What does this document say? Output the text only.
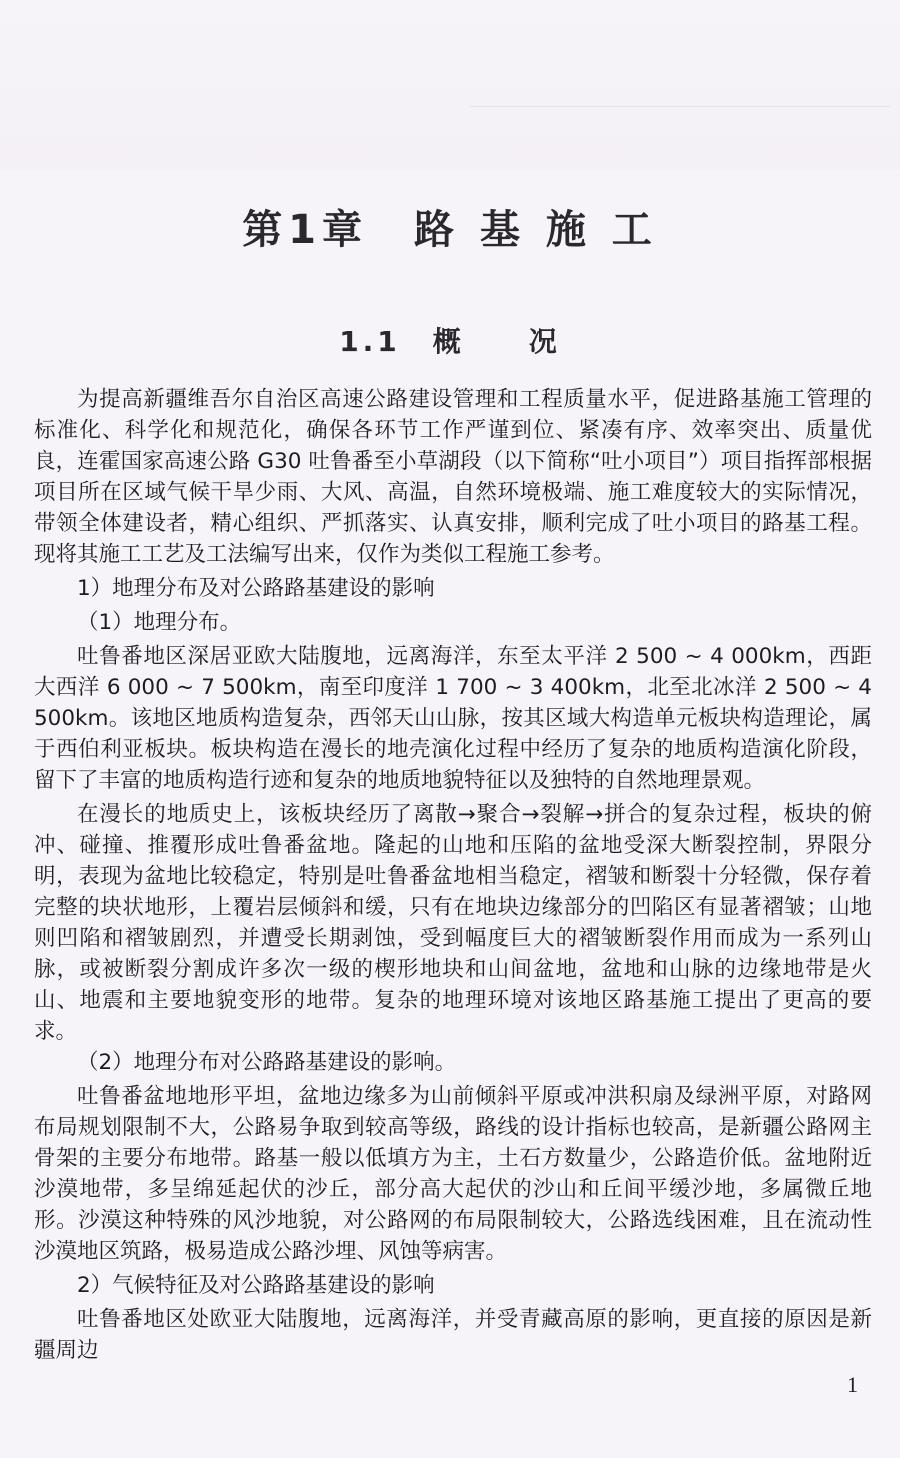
第1章　路 基 施 工
1.1　概　　况

为提高新疆维吾尔自治区高速公路建设管理和工程质量水平，促进路基施工管理的标准化、科学化和规范化，确保各环节工作严谨到位、紧凑有序、效率突出、质量优良，连霍国家高速公路 G30 吐鲁番至小草湖段（以下简称“吐小项目”）项目指挥部根据项目所在区域气候干旱少雨、大风、高温，自然环境极端、施工难度较大的实际情况，带领全体建设者，精心组织、严抓落实、认真安排，顺利完成了吐小项目的路基工程。现将其施工工艺及工法编写出来，仅作为类似工程施工参考。

1）地理分布及对公路路基建设的影响

（1）地理分布。

吐鲁番地区深居亚欧大陆腹地，远离海洋，东至太平洋 2 500 ~ 4 000km，西距大西洋 6 000 ~ 7 500km，南至印度洋 1 700 ~ 3 400km，北至北冰洋 2 500 ~ 4 500km。该地区地质构造复杂，西邻天山山脉，按其区域大构造单元板块构造理论，属于西伯利亚板块。板块构造在漫长的地壳演化过程中经历了复杂的地质构造演化阶段，留下了丰富的地质构造行迹和复杂的地质地貌特征以及独特的自然地理景观。

在漫长的地质史上，该板块经历了离散→聚合→裂解→拼合的复杂过程，板块的俯冲、碰撞、推覆形成吐鲁番盆地。隆起的山地和压陷的盆地受深大断裂控制，界限分明，表现为盆地比较稳定，特别是吐鲁番盆地相当稳定，褶皱和断裂十分轻微，保存着完整的块状地形，上覆岩层倾斜和缓，只有在地块边缘部分的凹陷区有显著褶皱；山地则凹陷和褶皱剧烈，并遭受长期剥蚀，受到幅度巨大的褶皱断裂作用而成为一系列山脉，或被断裂分割成许多次一级的楔形地块和山间盆地，盆地和山脉的边缘地带是火山、地震和主要地貌变形的地带。复杂的地理环境对该地区路基施工提出了更高的要求。

（2）地理分布对公路路基建设的影响。

吐鲁番盆地地形平坦，盆地边缘多为山前倾斜平原或冲洪积扇及绿洲平原，对路网布局规划限制不大，公路易争取到较高等级，路线的设计指标也较高，是新疆公路网主骨架的主要分布地带。路基一般以低填方为主，土石方数量少，公路造价低。盆地附近沙漠地带，多呈绵延起伏的沙丘，部分高大起伏的沙山和丘间平缓沙地，多属微丘地形。沙漠这种特殊的风沙地貌，对公路网的布局限制较大，公路选线困难，且在流动性沙漠地区筑路，极易造成公路沙埋、风蚀等病害。

2）气候特征及对公路路基建设的影响

吐鲁番地区处欧亚大陆腹地，远离海洋，并受青藏高原的影响，更直接的原因是新疆周边

1
